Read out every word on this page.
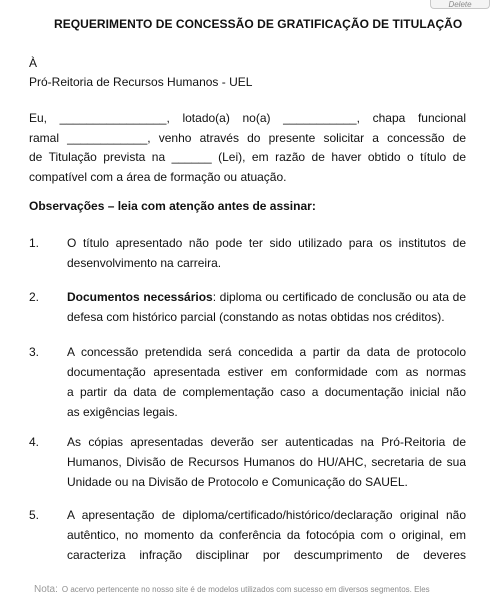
Delete
REQUERIMENTO DE CONCESSÃO DE GRATIFICAÇÃO DE TITULAÇÃO
À
Pró-Reitoria de Recursos Humanos - UEL
Eu, ________________, lotado(a) no(a) ___________, chapa funcional
ramal ____________, venho através do presente solicitar a concessão de
de Titulação prevista na ______ (Lei), em razão de haver obtido o título de
compatível com a área de formação ou atuação.
Observações – leia com atenção antes de assinar:
1. O título apresentado não pode ter sido utilizado para os institutos de
desenvolvimento na carreira.
2. Documentos necessários: diploma ou certificado de conclusão ou ata de
defesa com histórico parcial (constando as notas obtidas nos créditos).
3. A concessão pretendida será concedida a partir da data de protocolo
documentação apresentada estiver em conformidade com as normas
a partir da data de complementação caso a documentação inicial não
as exigências legais.
4. As cópias apresentadas deverão ser autenticadas na Pró-Reitoria de
Humanos, Divisão de Recursos Humanos do HU/AHC, secretaria de sua
Unidade ou na Divisão de Protocolo e Comunicação do SAUEL.
5. A apresentação de diploma/certificado/histórico/declaração original não
autêntico, no momento da conferência da fotocópia com o original, em
caracteriza infração disciplinar por descumprimento de deveres
Nota: O acervo pertencente no nosso site é de modelos utilizados com sucesso em diversos segmentos. Eles
